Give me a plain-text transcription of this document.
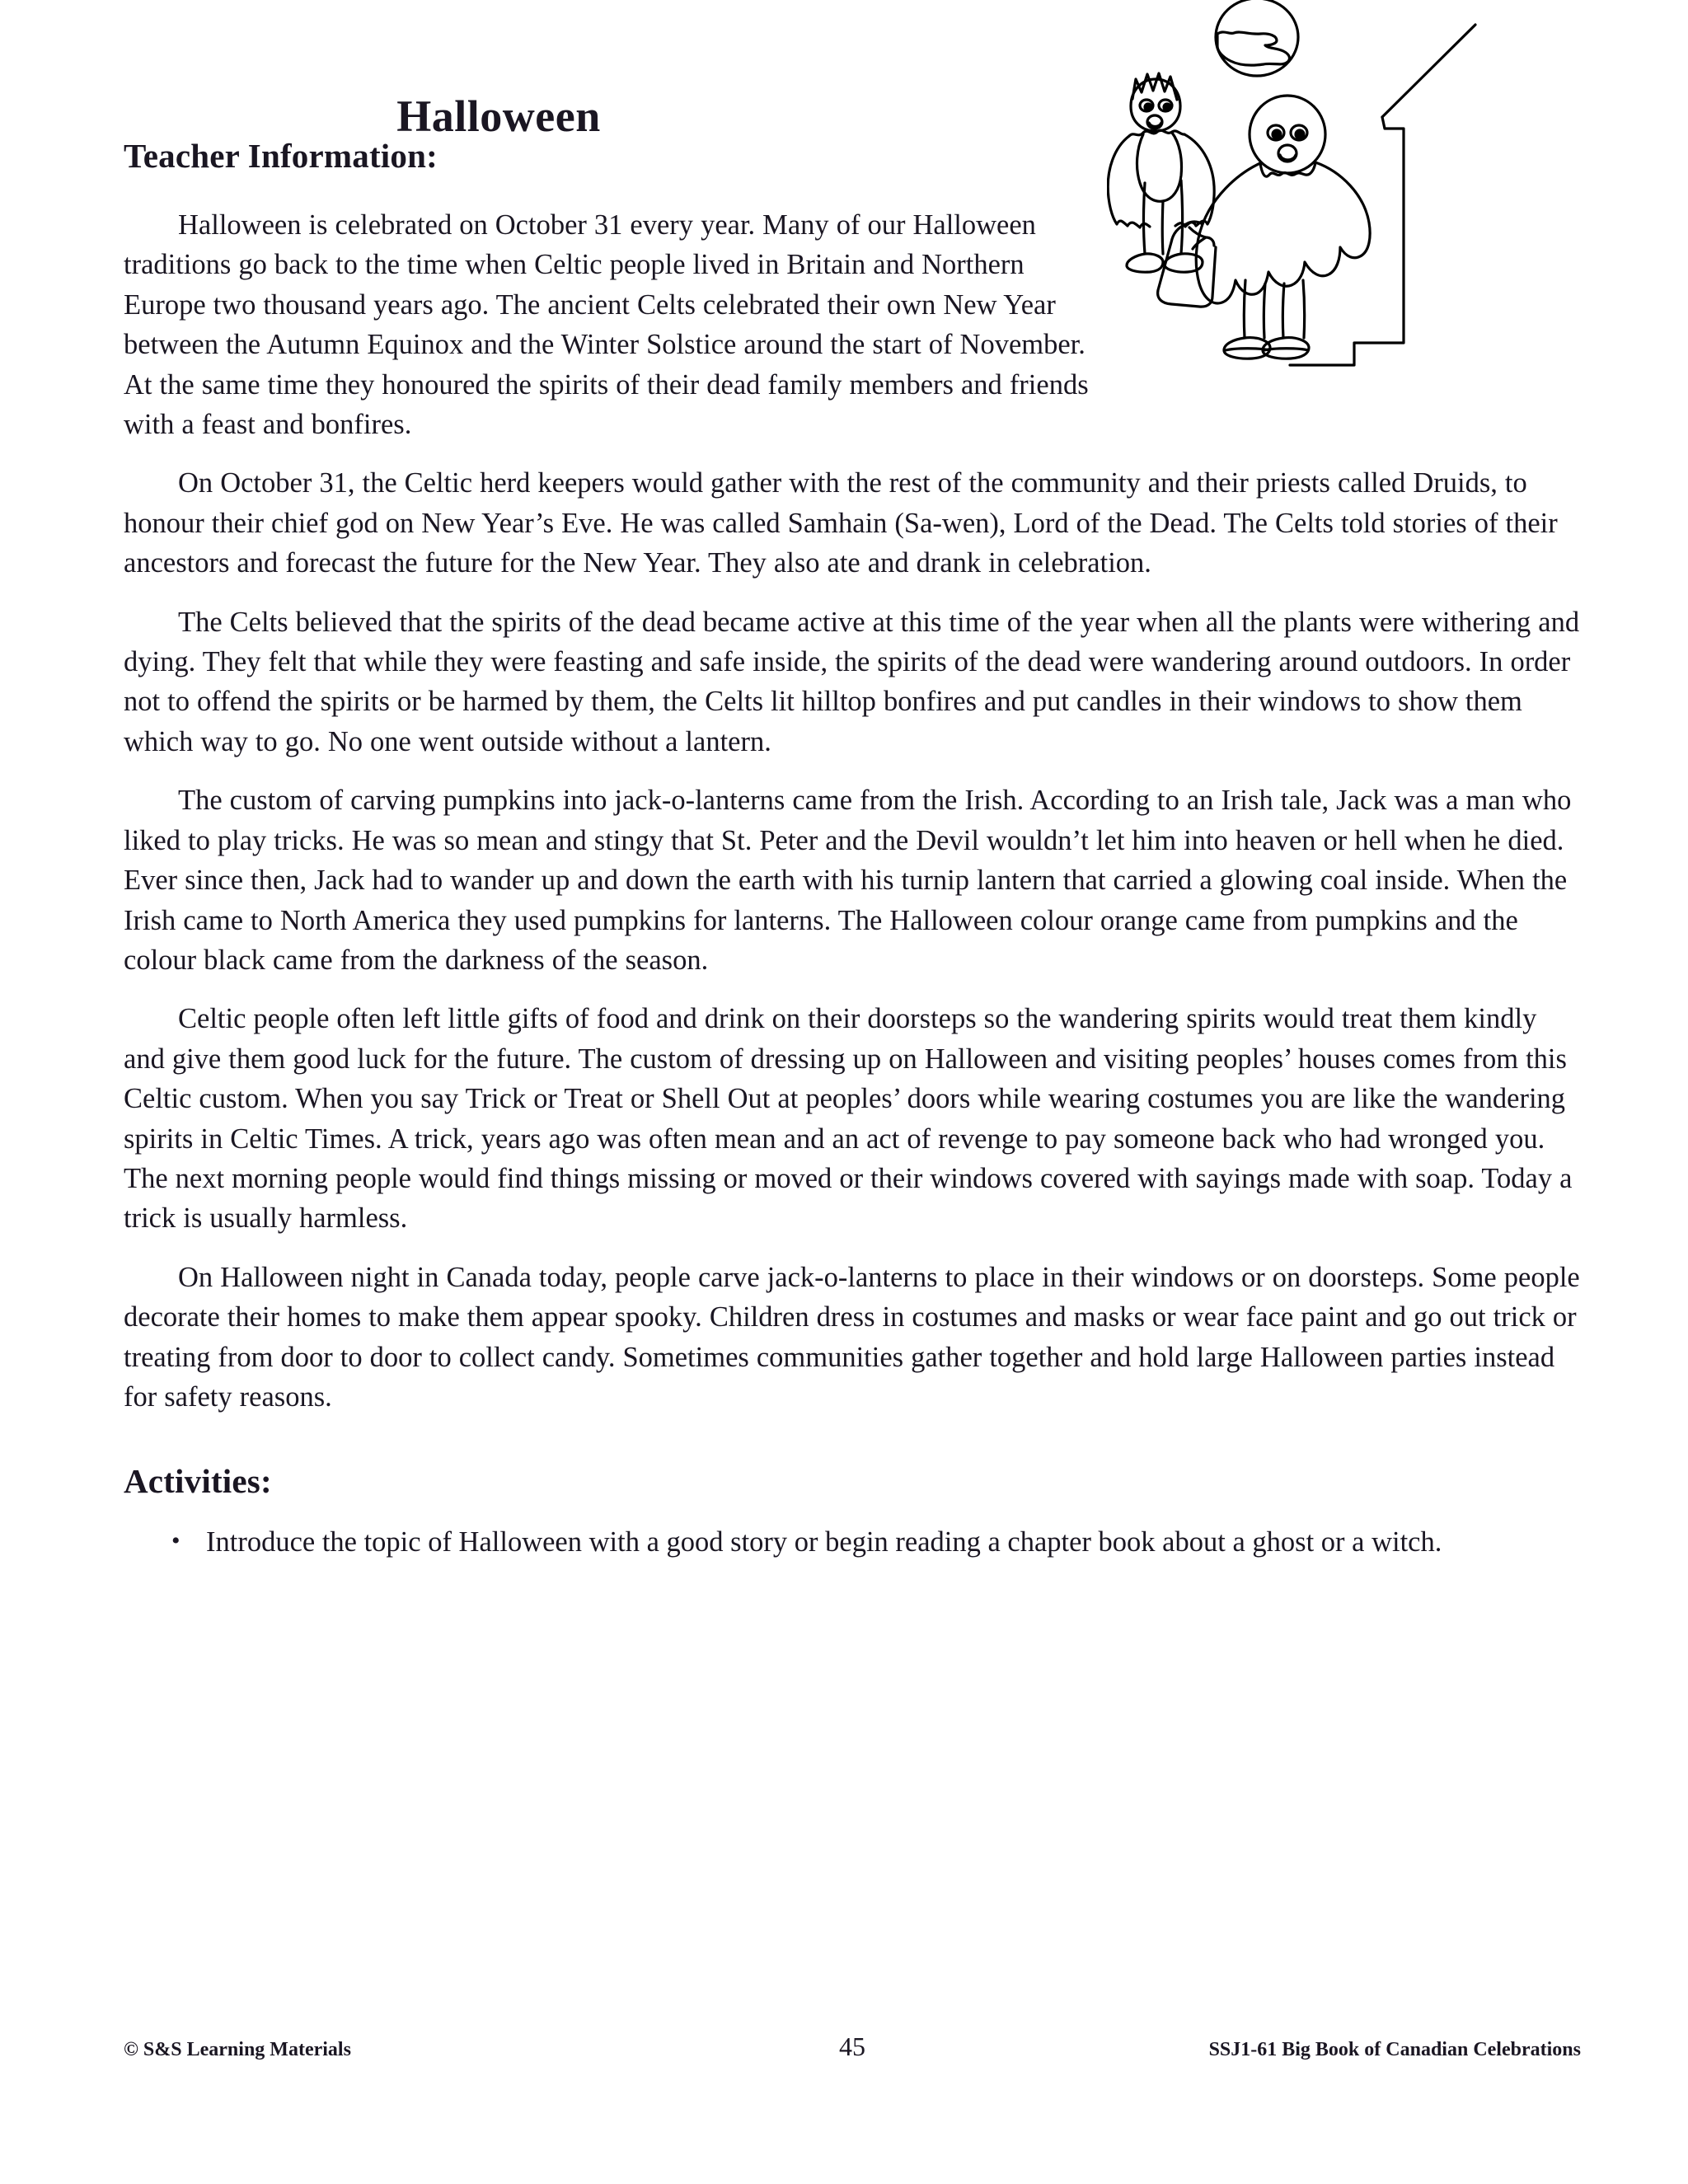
Halloween
Teacher Information:

Halloween is celebrated on October 31 every year. Many of our Halloween traditions go back to the time when Celtic people lived in Britain and Northern Europe two thousand years ago. The ancient Celts celebrated their own New Year between the Autumn Equinox and the Winter Solstice around the start of November. At the same time they honoured the spirits of their dead family members and friends with a feast and bonfires.

On October 31, the Celtic herd keepers would gather with the rest of the community and their priests called Druids, to honour their chief god on New Year’s Eve. He was called Samhain (Sa-wen), Lord of the Dead. The Celts told stories of their ancestors and forecast the future for the New Year. They also ate and drank in celebration.

The Celts believed that the spirits of the dead became active at this time of the year when all the plants were withering and dying. They felt that while they were feasting and safe inside, the spirits of the dead were wandering around outdoors. In order not to offend the spirits or be harmed by them, the Celts lit hilltop bonfires and put candles in their windows to show them which way to go. No one went outside without a lantern.

The custom of carving pumpkins into jack-o-lanterns came from the Irish. According to an Irish tale, Jack was a man who liked to play tricks. He was so mean and stingy that St. Peter and the Devil wouldn’t let him into heaven or hell when he died. Ever since then, Jack had to wander up and down the earth with his turnip lantern that carried a glowing coal inside. When the Irish came to North America they used pumpkins for lanterns. The Halloween colour orange came from pumpkins and the colour black came from the darkness of the season.

Celtic people often left little gifts of food and drink on their doorsteps so the wandering spirits would treat them kindly and give them good luck for the future. The custom of dressing up on Halloween and visiting peoples’ houses comes from this Celtic custom. When you say Trick or Treat or Shell Out at peoples’ doors while wearing costumes you are like the wandering spirits in Celtic Times. A trick, years ago was often mean and an act of revenge to pay someone back who had wronged you. The next morning people would find things missing or moved or their windows covered with sayings made with soap. Today a trick is usually harmless.

On Halloween night in Canada today, people carve jack-o-lanterns to place in their windows or on doorsteps. Some people decorate their homes to make them appear spooky. Children dress in costumes and masks or wear face paint and go out trick or treating from door to door to collect candy. Sometimes communities gather together and hold large Halloween parties instead for safety reasons.

Activities:
• Introduce the topic of Halloween with a good story or begin reading a chapter book about a ghost or a witch.
© S&S Learning Materials	45	SSJ1-61 Big Book of Canadian Celebrations
